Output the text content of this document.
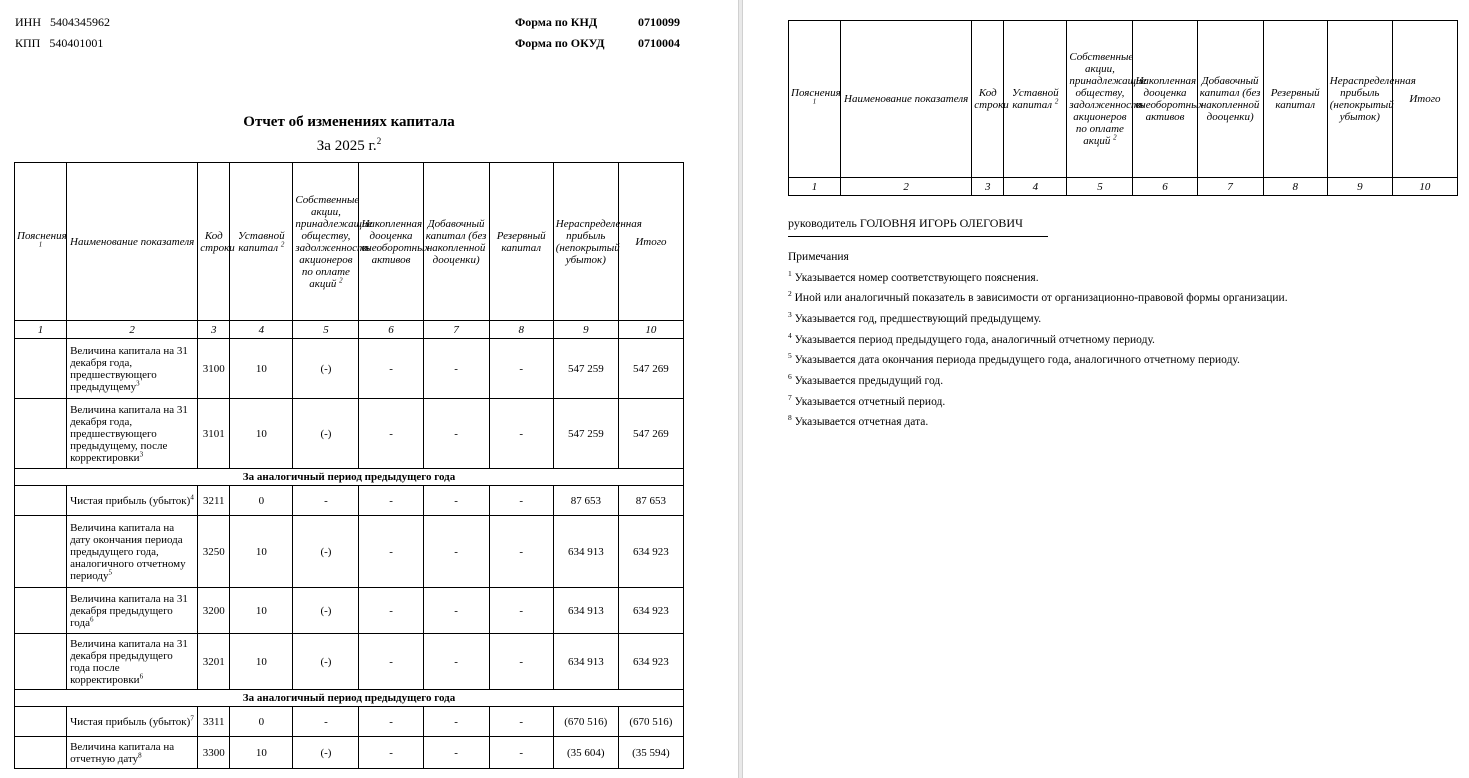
ИНН 5404345962
КПП 540401001
Форма по КНД	0710099
Форма по ОКУД	0710004
Отчет об изменениях капитала
За 2025 г.$^2$
Пояснения $^1$	Наименование показателя	Код строки	Уставной капитал $^2$	Собственные акции, принадлежащие обществу, задолженность акционеров по оплате акций $^2$	Накопленная дооценка внеоборотных активов	Добавочный капитал (без накопленной дооценки)	Резервный капитал	Нераспределенная прибыль (непокрытый убыток)	Итого
1	2	3	4	5	6	7	8	9	10
	Величина капитала на 31 декабря года, предшествующего предыдущему$^3$	3100	10	(-)	-	-	-	547 259	547 269
	Величина капитала на 31 декабря года, предшествующего предыдущему, после корректировки$^3$	3101	10	(-)	-	-	-	547 259	547 269
За аналогичный период предыдущего года									
	Чистая прибыль (убыток)$^4$	3211	0	-	-	-	-	87 653	87 653
	Величина капитала на дату окончания периода предыдущего года, аналогичного отчетному периоду$^5$	3250	10	(-)	-	-	-	634 913	634 923
	Величина капитала на 31 декабря предыдущего года$^6$	3200	10	(-)	-	-	-	634 913	634 923
	Величина капитала на 31 декабря предыдущего года после корректировки$^6$	3201	10	(-)	-	-	-	634 913	634 923
За аналогичный период предыдущего года									
	Чистая прибыль (убыток)$^7$	3311	0	-	-	-	-	(670 516)	(670 516)
	Величина капитала на отчетную дату$^8$	3300	10	(-)	-	-	-	(35 604)	(35 594)
Пояснения $^1$	Наименование показателя	Код строки	Уставной капитал $^2$	Собственные акции, принадлежащие обществу, задолженность акционеров по оплате акций $^2$	Накопленная дооценка внеоборотных активов	Добавочный капитал (без накопленной дооценки)	Резервный капитал	Нераспределенная прибыль (непокрытый убыток)	Итого
1	2	3	4	5	6	7	8	9	10
руководитель ГОЛОВНЯ ИГОРЬ ОЛЕГОВИЧ
Примечания
$^1$ Указывается номер соответствующего пояснения.
$^2$ Иной или аналогичный показатель в зависимости от организационно-правовой формы организации.
$^3$ Указывается год, предшествующий предыдущему.
$^4$ Указывается период предыдущего года, аналогичный отчетному периоду.
$^5$ Указывается дата окончания периода предыдущего года, аналогичного отчетному периоду.
$^6$ Указывается предыдущий год.
$^7$ Указывается отчетный период.
$^8$ Указывается отчетная дата.
